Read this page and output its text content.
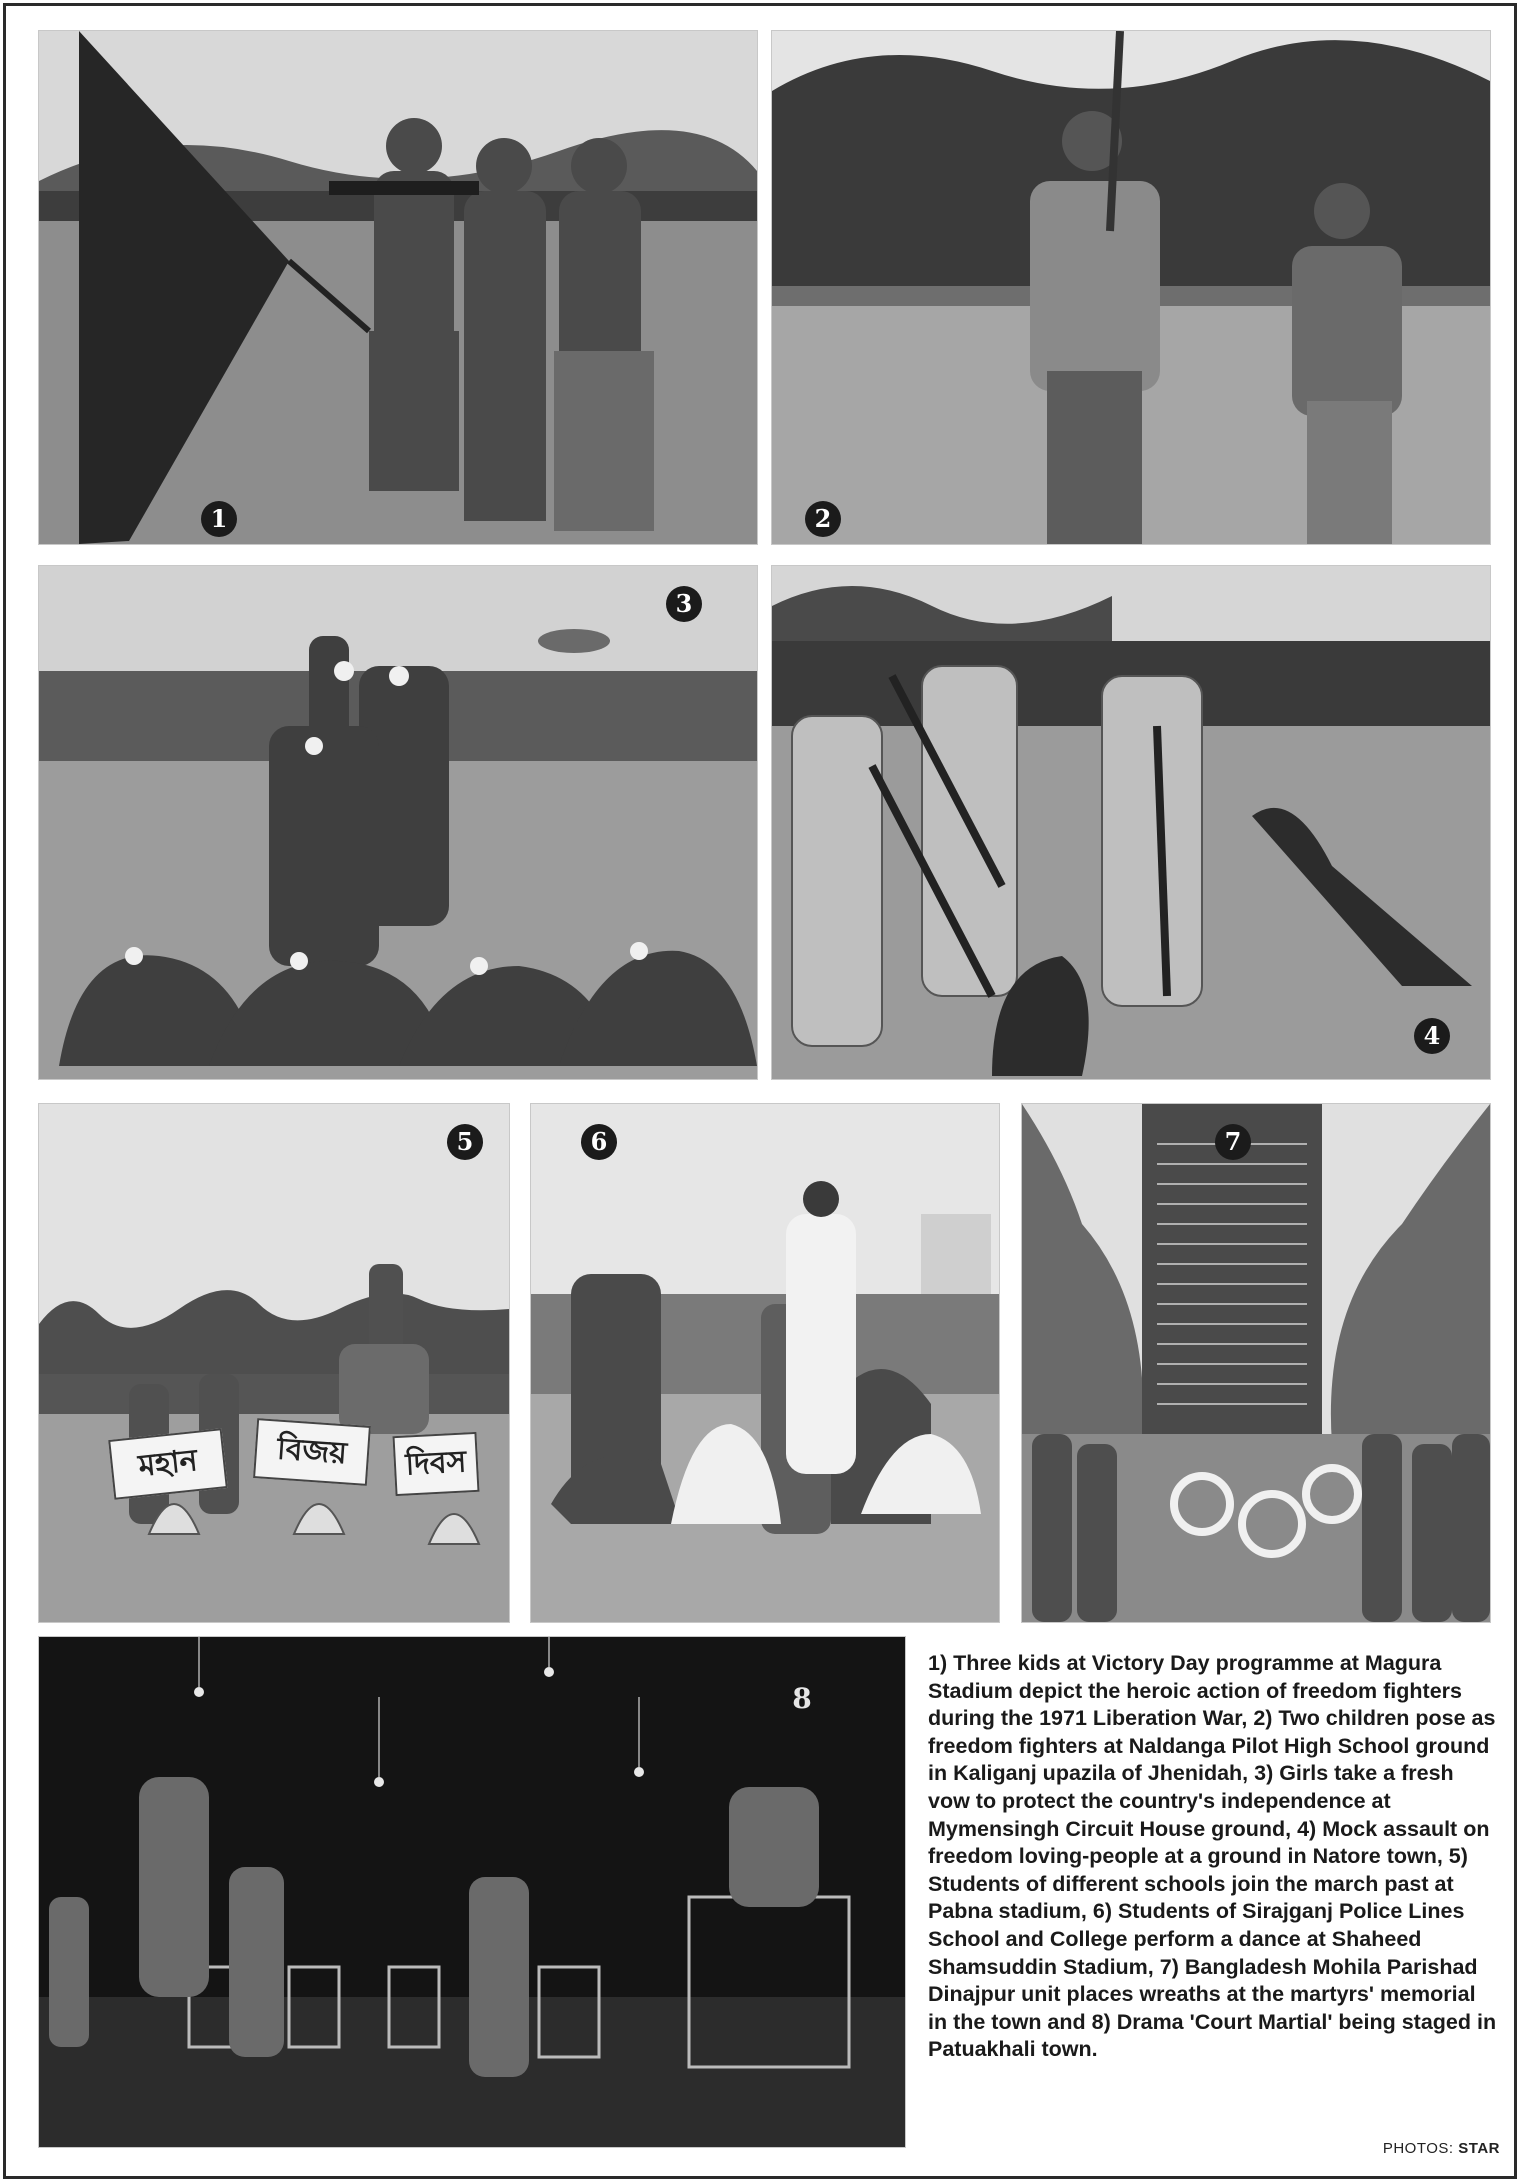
1	2
3
4
মহান	বিজয়	দিবস
5	6	7
8

1) Three kids at Victory Day programme at Magura Stadium depict the heroic action of freedom fighters during the 1971 Liberation War, 2) Two children pose as freedom fighters at Naldanga Pilot High School ground in Kaliganj upazila of Jhenidah, 3) Girls take a fresh vow to protect the country's independence at Mymensingh Circuit House ground, 4) Mock assault on freedom loving-people at a ground in Natore town, 5) Students of different schools join the march past at Pabna stadium, 6) Students of Sirajganj Police Lines School and College perform a dance at Shaheed Shamsuddin Stadium, 7) Bangladesh Mohila Parishad Dinajpur unit places wreaths at the martyrs' memorial in the town and 8) Drama 'Court Martial' being staged in Patuakhali town.

PHOTOS: STAR
